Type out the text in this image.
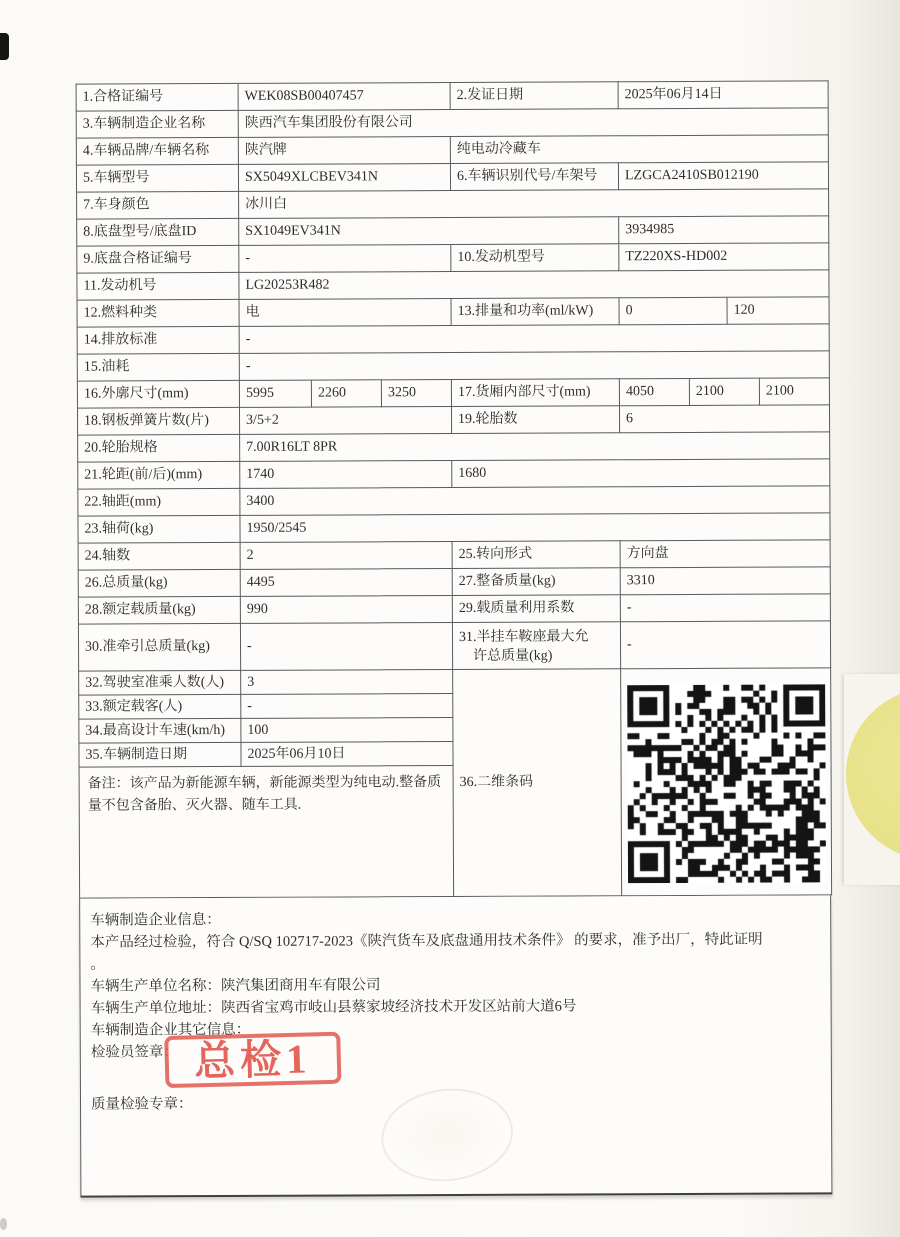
1.合格证编号	WEK08SB00407457			2.发证日期	2025年06月14日			
3.车辆制造企业名称	陕西汽车集团股份有限公司							
4.车辆品牌/车辆名称	陕汽牌			纯电动冷藏车				
5.车辆型号	SX5049XLCBEV341N			6.车辆识别代号/车架号	LZGCA2410SB012190			
7.车身颜色	冰川白							
8.底盘型号/底盘ID	SX1049EV341N				3934985			
9.底盘合格证编号	-			10.发动机型号	TZ220XS-HD002			
11.发动机号	LG20253R482							
12.燃料种类	电			13.排量和功率(ml/kW)	0		120	
14.排放标准	-							
15.油耗	-							
16.外廓尺寸(mm)	5995	2260	3250	17.货厢内部尺寸(mm)	4050	2100		2100
18.钢板弹簧片数(片)	3/5+2			19.轮胎数	6			
20.轮胎规格	7.00R16LT 8PR							
21.轮距(前/后)(mm)	1740			1680				
22.轴距(mm)	3400							
23.轴荷(kg)	1950/2545							
24.轴数	2			25.转向形式	方向盘			
26.总质量(kg)	4495			27.整备质量(kg)	3310			
28.额定载质量(kg)	990			29.载质量利用系数	-			
30.准牵引总质量(kg)	-			31.半挂车鞍座最大允
　许总质量(kg)	-			
32.驾驶室准乘人数(人)	3			36.二维条码	

33.额定载客(人)	-							
34.最高设计车速(km/h)	100							
35.车辆制造日期	2025年06月10日							
备注：该产品为新能源车辆，新能源类型为纯电动.整备质量不包含备胎、灭火器、随车工具.								
车辆制造企业信息：
本产品经过检验，符合 Q/SQ 102717-2023《陕汽货车及底盘通用技术条件》 的要求，准予出厂，特此证明
。
车辆生产单位名称：陕汽集团商用车有限公司
车辆生产单位地址：陕西省宝鸡市岐山县蔡家坡经济技术开发区站前大道6号
车辆制造企业其它信息：
检验员签章： 总检1
质量检验专章：
